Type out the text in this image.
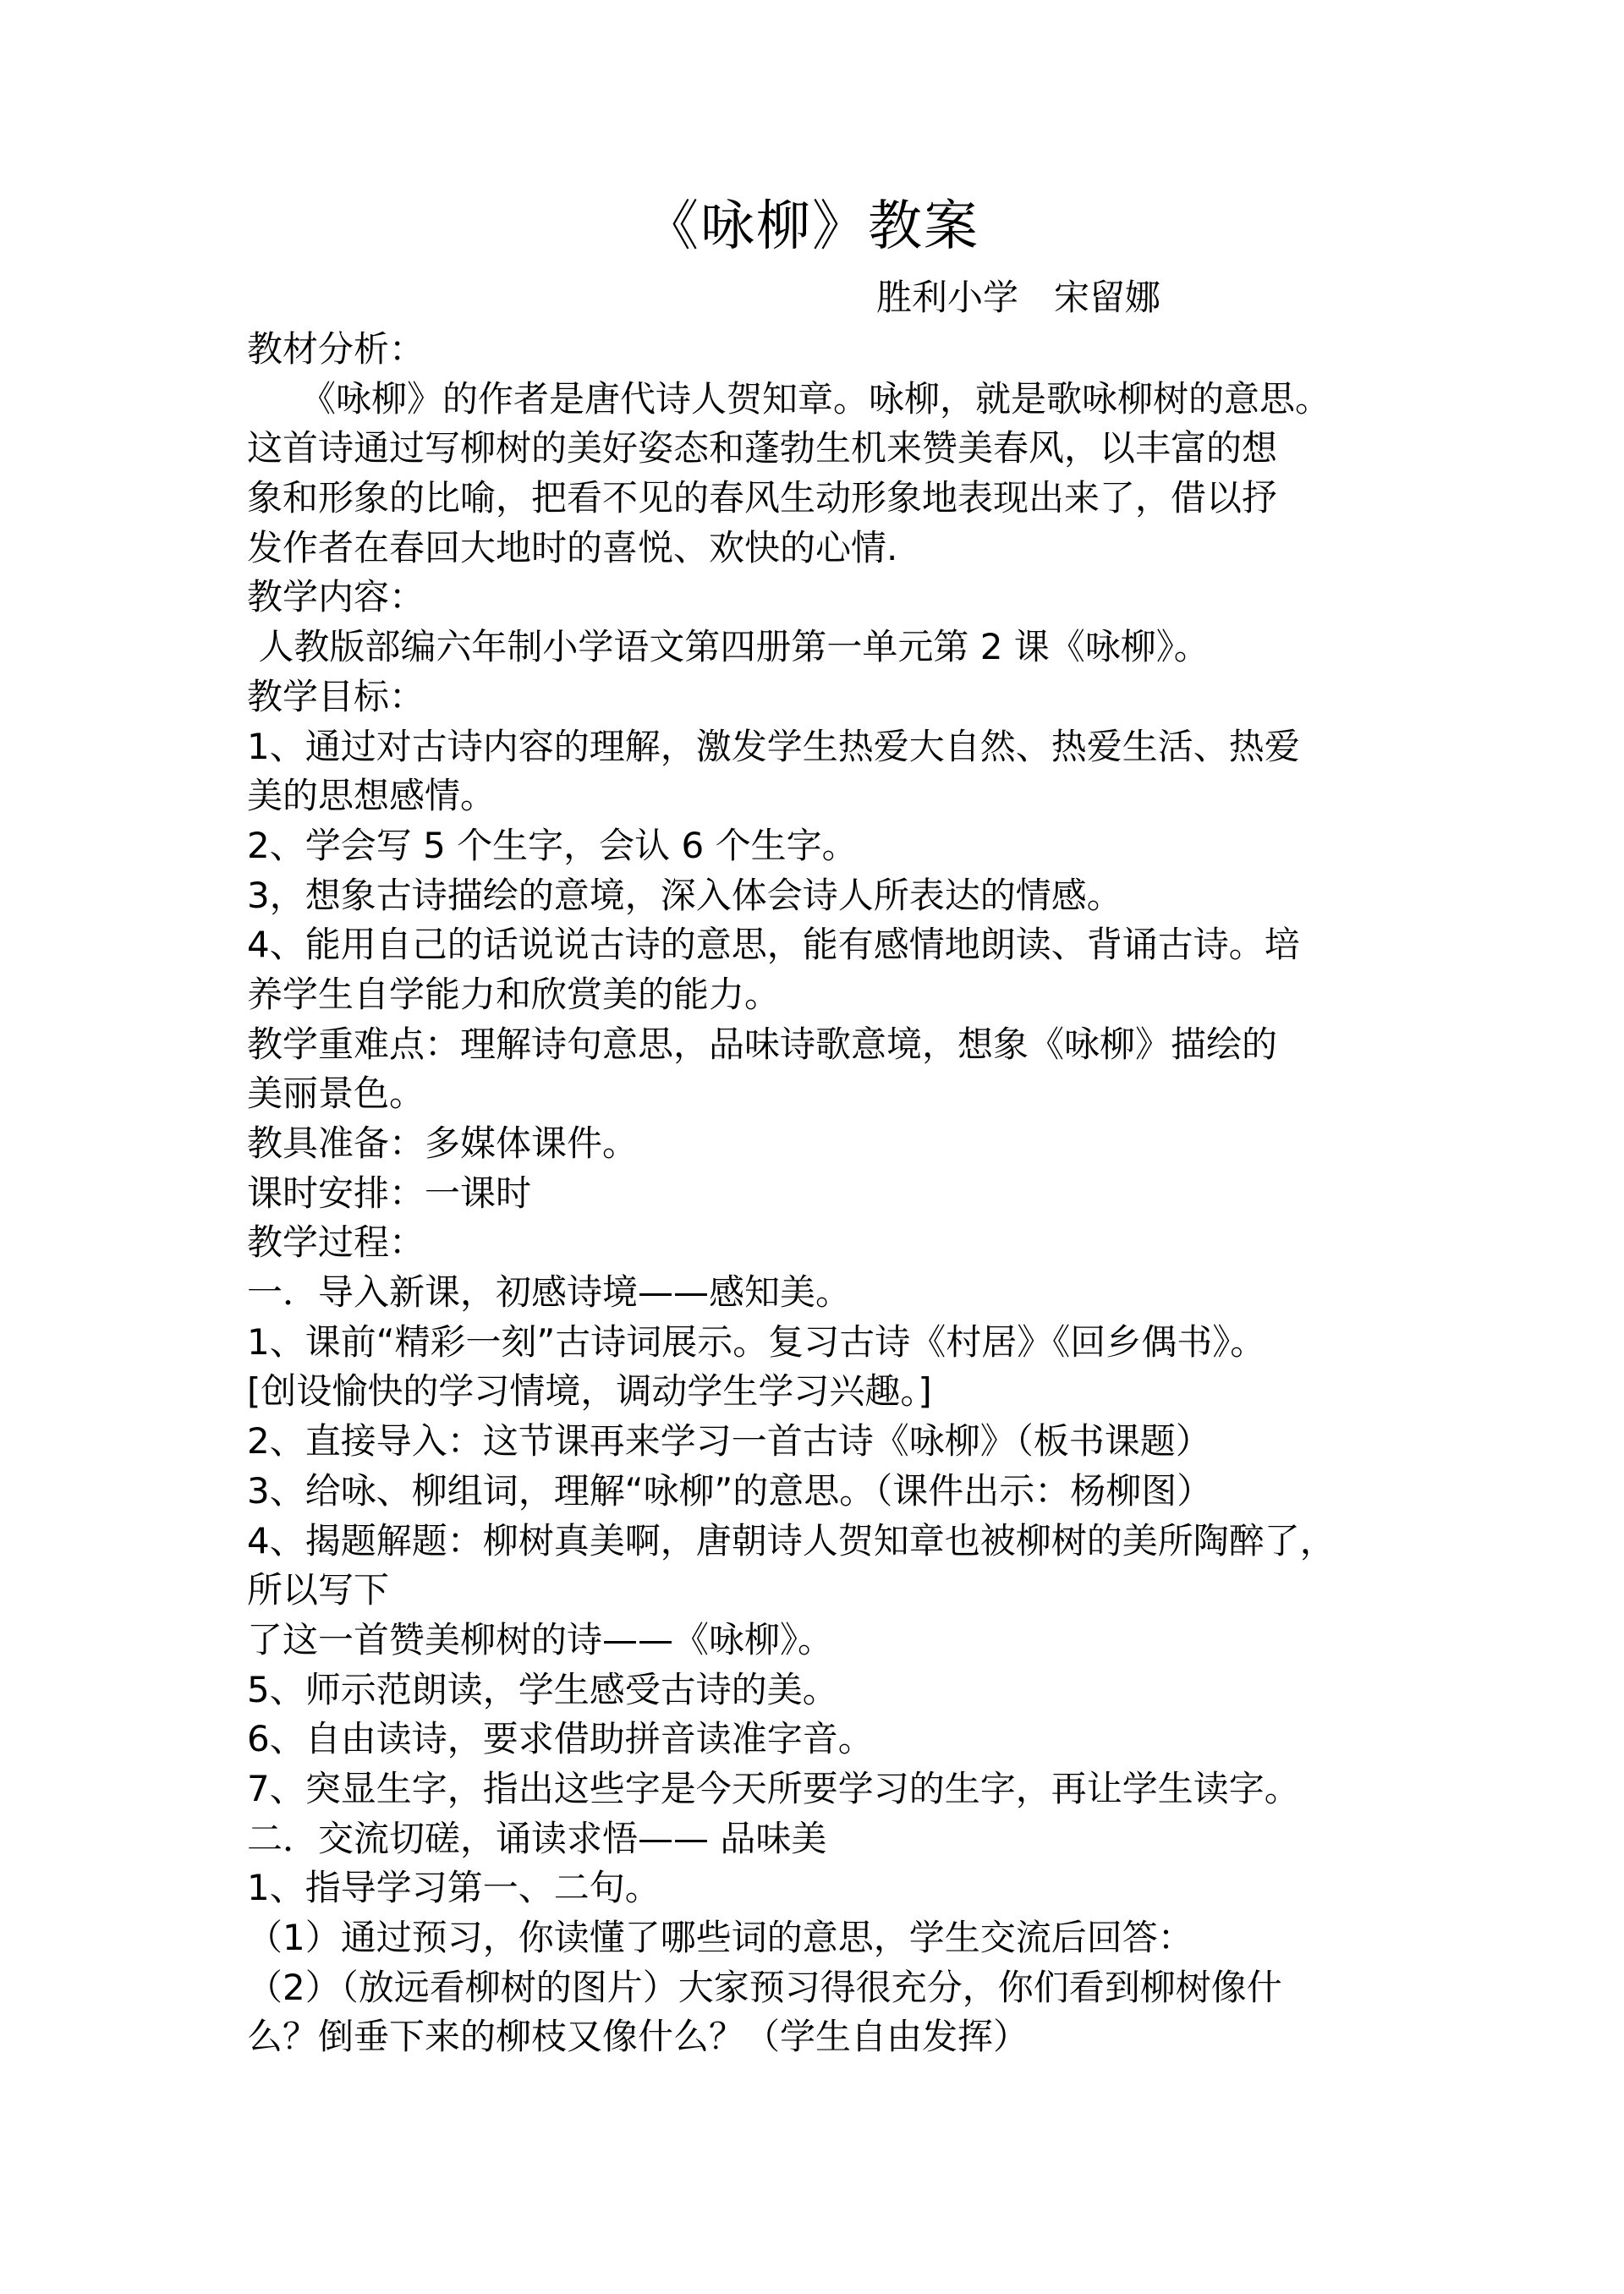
《咏柳》教案
胜利小学　宋留娜
教材分析：
　　《咏柳》的作者是唐代诗人贺知章。咏柳，就是歌咏柳树的意思。
这首诗通过写柳树的美好姿态和蓬勃生机来赞美春风，以丰富的想
象和形象的比喻，把看不见的春风生动形象地表现出来了，借以抒
发作者在春回大地时的喜悦、欢快的心情.
教学内容：
人教版部编六年制小学语文第四册第一单元第 2 课《咏柳》。
教学目标：
1、通过对古诗内容的理解，激发学生热爱大自然、热爱生活、热爱
美的思想感情。
2、学会写 5 个生字，会认 6 个生字。
3，想象古诗描绘的意境，深入体会诗人所表达的情感。
4、能用自己的话说说古诗的意思，能有感情地朗读、背诵古诗。培
养学生自学能力和欣赏美的能力。
教学重难点：理解诗句意思，品味诗歌意境，想象《咏柳》描绘的
美丽景色。
教具准备：多媒体课件。
课时安排：一课时
教学过程：
一．导入新课，初感诗境——感知美。
1、课前“精彩一刻”古诗词展示。复习古诗《村居》《回乡偶书》。
[创设愉快的学习情境，调动学生学习兴趣。]
2、直接导入：这节课再来学习一首古诗《咏柳》（板书课题）
3、给咏、柳组词，理解“咏柳”的意思。（课件出示：杨柳图）
4、揭题解题：柳树真美啊，唐朝诗人贺知章也被柳树的美所陶醉了，
所以写下
了这一首赞美柳树的诗——《咏柳》。
5、师示范朗读，学生感受古诗的美。
6、自由读诗，要求借助拼音读准字音。
7、突显生字，指出这些字是今天所要学习的生字，再让学生读字。
二．交流切磋，诵读求悟—— 品味美
1、指导学习第一、二句。
（1）通过预习，你读懂了哪些词的意思，学生交流后回答：
（2）（放远看柳树的图片）大家预习得很充分，你们看到柳树像什
么？倒垂下来的柳枝又像什么？（学生自由发挥）
